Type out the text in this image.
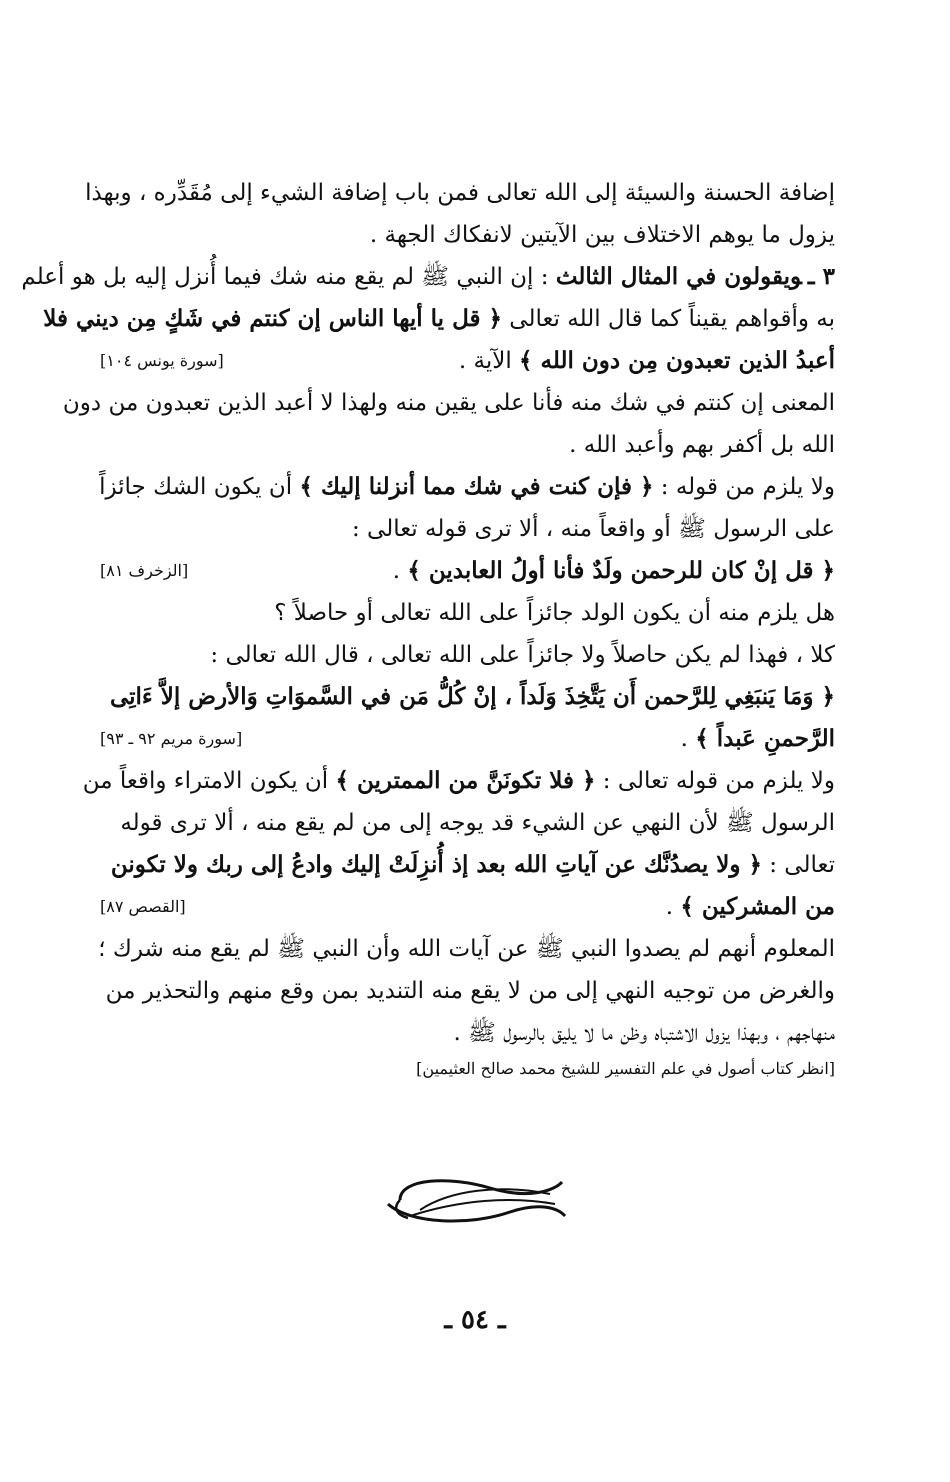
إضافة الحسنة والسيئة إلى الله تعالى فمن باب إضافة الشيء إلى مُقَدِّره ، وبهذا
يزول ما يوهم الاختلاف بين الآيتين لانفكاك الجهة .
٣ ـويقولون في المثال الثالث : إن النبي ﷺ لم يقع منه شك فيما أُنزل إليه بل هو أعلم
به وأقواهم يقيناً كما قال الله تعالى ﴿ قل يا أيها الناس إن كنتم في شَكٍ مِن ديني فلا
أعبدُ الذين تعبدون مِن دون الله ﴾ الآية .
[سورة يونس ١٠٤]
المعنى إن كنتم في شك منه فأنا على يقين منه ولهذا لا أعبد الذين تعبدون من دون
الله بل أكفر بهم وأعبد الله .
ولا يلزم من قوله : ﴿ فإن كنت في شك مما أنزلنا إليك ﴾ أن يكون الشك جائزاً
على الرسول ﷺ أو واقعاً منه ، ألا ترى قوله تعالى :
﴿ قل إنْ كان للرحمن ولَدٌ فأنا أولُ العابدين ﴾ .
[الزخرف ٨١]
هل يلزم منه أن يكون الولد جائزاً على الله تعالى أو حاصلاً ؟
كلا ، فهذا لم يكن حاصلاً ولا جائزاً على الله تعالى ، قال الله تعالى :
﴿ وَمَا يَنبَغِي لِلرَّحمن أَن يَتَّخِذَ وَلَداً ، إنْ كُلُّ مَن في السَّموَاتِ وَالأرض إلاَّ ءَاتِى
الرَّحمنِ عَبداً ﴾ .
[سورة مريم ٩٢ ـ ٩٣]
ولا يلزم من قوله تعالى : ﴿ فلا تكونَنَّ من الممترين ﴾ أن يكون الامتراء واقعاً من
الرسول ﷺ لأن النهي عن الشيء قد يوجه إلى من لم يقع منه ، ألا ترى قوله
تعالى : ﴿ ولا يصدُنَّك عن آياتِ الله بعد إذ أُنزِلَتْ إليك وادعُ إلى ربك ولا تكونن
من المشركين ﴾ .
[القصص ٨٧]
المعلوم أنهم لم يصدوا النبي ﷺ عن آيات الله وأن النبي ﷺ لم يقع منه شرك ؛
والغرض من توجيه النهي إلى من لا يقع منه التنديد بمن وقع منهم والتحذير من
منهاجهم ، وبهذا يزول الاشتباه وظن ما لا يليق بالرسول ﷺ .
[انظر كتاب أصول في علم التفسير للشيخ محمد صالح العثيمين]
ـ ٥٤ ـ
